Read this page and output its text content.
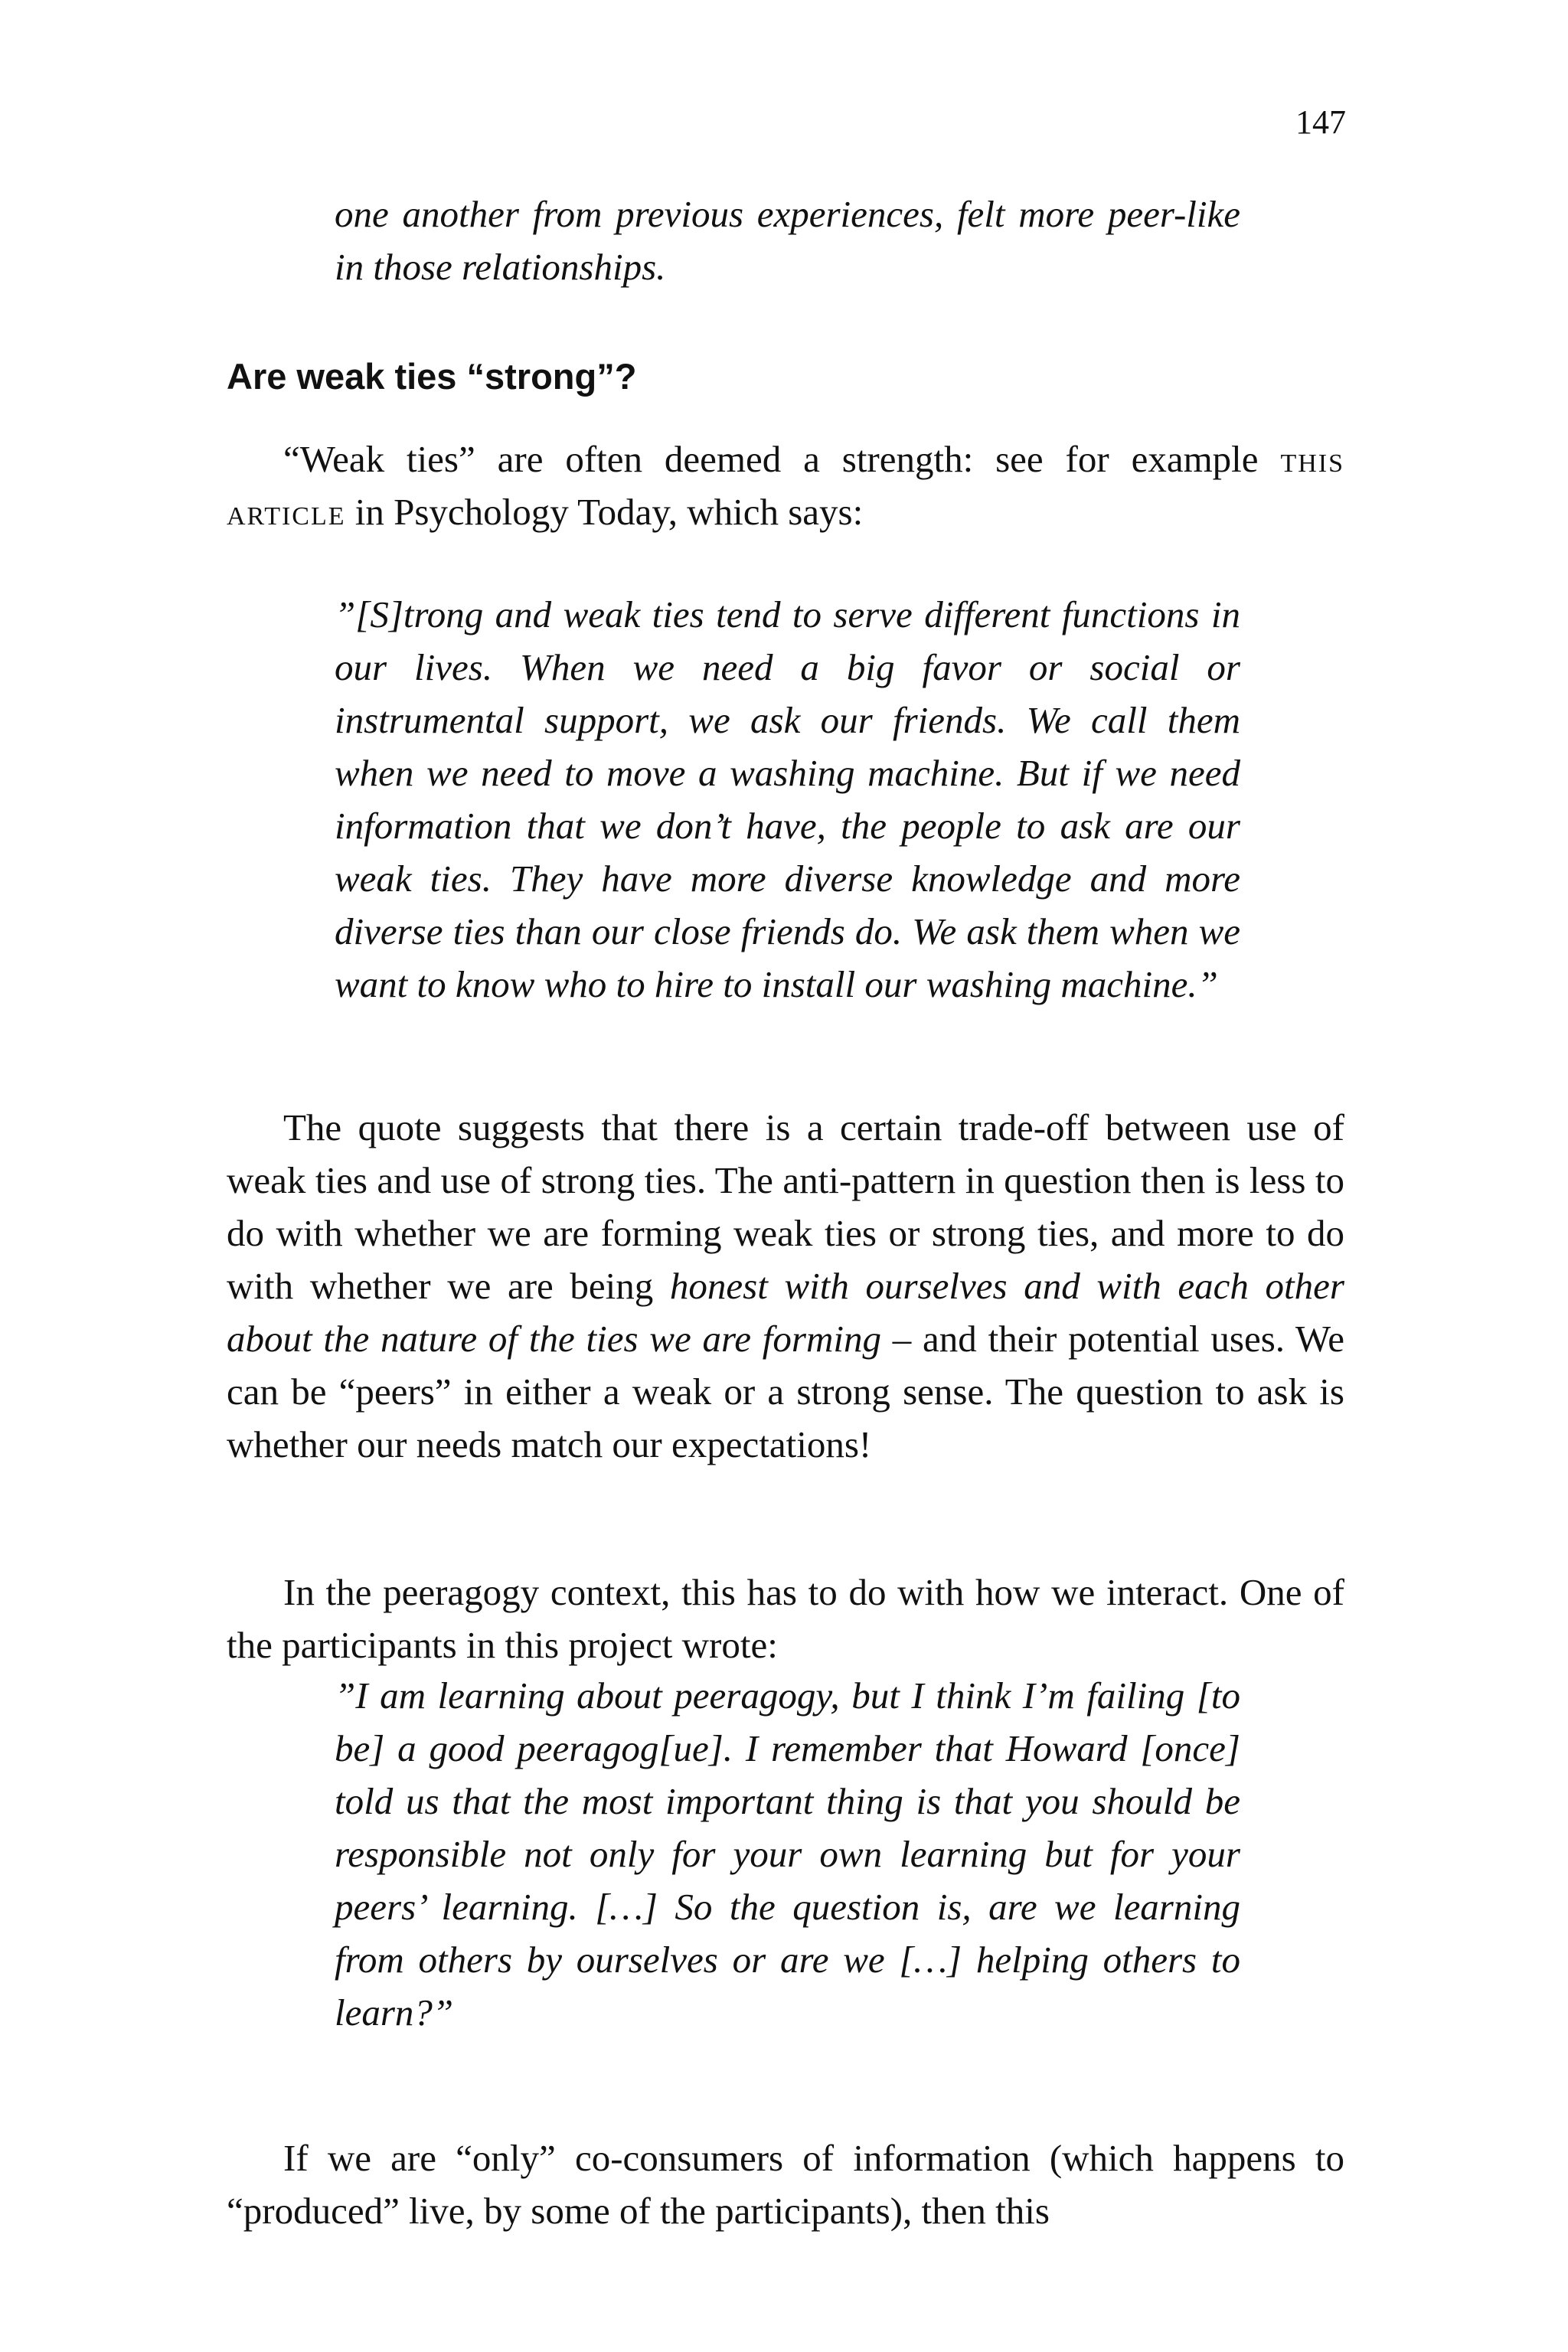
147

one another from previous experiences, felt more peer-like in those relationships.

Are weak ties “strong”?

“Weak ties” are often deemed a strength: see for example this article in Psychology Today, which says:

”[S]trong and weak ties tend to serve different functions in our lives. When we need a big favor or social or instrumental support, we ask our friends. We call them when we need to move a washing machine. But if we need information that we don’t have, the people to ask are our weak ties. They have more diverse knowledge and more diverse ties than our close friends do. We ask them when we want to know who to hire to install our washing machine.”

The quote suggests that there is a certain trade-off between use of weak ties and use of strong ties. The anti-pattern in question then is less to do with whether we are forming weak ties or strong ties, and more to do with whether we are being honest with ourselves and with each other about the nature of the ties we are forming – and their potential uses. We can be “peers” in either a weak or a strong sense. The question to ask is whether our needs match our expectations!

In the peeragogy context, this has to do with how we interact. One of the participants in this project wrote:

”I am learning about peeragogy, but I think I’m failing [to be] a good peeragog[ue]. I remember that Howard [once] told us that the most important thing is that you should be responsible not only for your own learning but for your peers’ learning. […] So the question is, are we learning from others by ourselves or are we […] helping others to learn?”

If we are “only” co-consumers of information (which happens to “produced” live, by some of the participants), then this
